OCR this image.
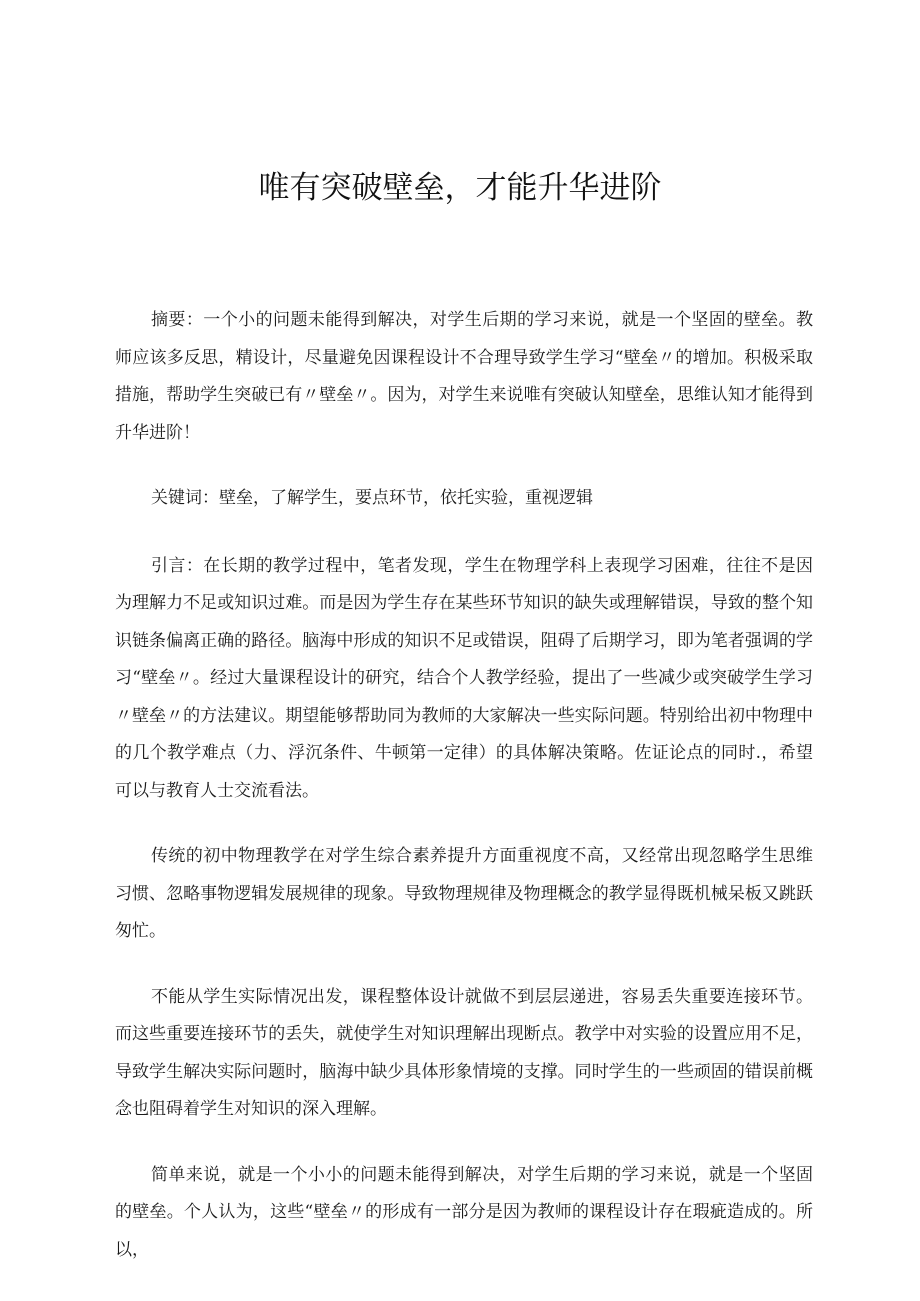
唯有突破壁垒，才能升华进阶

摘要：一个小的问题未能得到解决，对学生后期的学习来说，就是一个坚固的壁垒。教师应该多反思，精设计，尽量避免因课程设计不合理导致学生学习“壁垒〃的增加。积极采取措施，帮助学生突破已有〃壁垒〃。因为，对学生来说唯有突破认知壁垒，思维认知才能得到升华进阶！

关键词：壁垒，了解学生，要点环节，依托实验，重视逻辑

引言：在长期的教学过程中，笔者发现，学生在物理学科上表现学习困难，往往不是因为理解力不足或知识过难。而是因为学生存在某些环节知识的缺失或理解错误，导致的整个知识链条偏离正确的路径。脑海中形成的知识不足或错误，阻碍了后期学习，即为笔者强调的学习“壁垒〃。经过大量课程设计的研究，结合个人教学经验，提出了一些减少或突破学生学习〃壁垒〃的方法建议。期望能够帮助同为教师的大家解决一些实际问题。特别给出初中物理中的几个教学难点（力、浮沉条件、牛顿第一定律）的具体解决策略。佐证论点的同时.，希望可以与教育人士交流看法。

传统的初中物理教学在对学生综合素养提升方面重视度不高，又经常出现忽略学生思维习惯、忽略事物逻辑发展规律的现象。导致物理规律及物理概念的教学显得既机械呆板又跳跃匆忙。

不能从学生实际情况出发，课程整体设计就做不到层层递进，容易丢失重要连接环节。而这些重要连接环节的丢失，就使学生对知识理解出现断点。教学中对实验的设置应用不足，导致学生解决实际问题时，脑海中缺少具体形象情境的支撑。同时学生的一些顽固的错误前概念也阻碍着学生对知识的深入理解。

简单来说，就是一个小小的问题未能得到解决，对学生后期的学习来说，就是一个坚固的壁垒。个人认为，这些“壁垒〃的形成有一部分是因为教师的课程设计存在瑕疵造成的。所以，
